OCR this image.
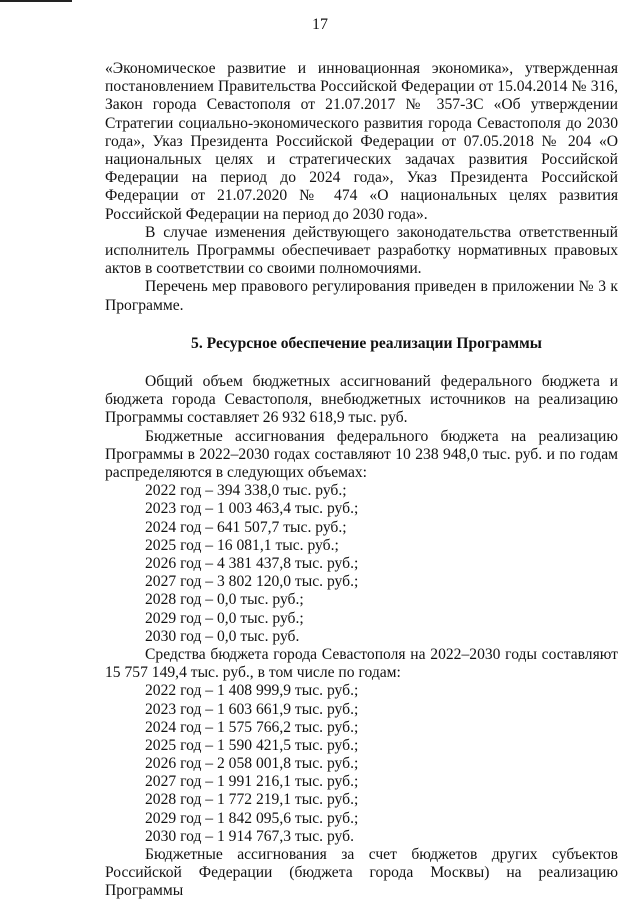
17

«Экономическое развитие и инновационная экономика», утвержденная постановлением Правительства Российской Федерации от 15.04.2014 № 316, Закон города Севастополя от 21.07.2017 № 357-ЗС «Об утверждении Стратегии социально-экономического развития города Севастополя до 2030 года», Указ Президента Российской Федерации от 07.05.2018 № 204 «О национальных целях и стратегических задачах развития Российской Федерации на период до 2024 года», Указ Президента Российской Федерации от 21.07.2020 № 474 «О национальных целях развития Российской Федерации на период до 2030 года».

В случае изменения действующего законодательства ответственный исполнитель Программы обеспечивает разработку нормативных правовых актов в соответствии со своими полномочиями.

Перечень мер правового регулирования приведен в приложении № 3 к Программе.

5. Ресурсное обеспечение реализации Программы

Общий объем бюджетных ассигнований федерального бюджета и бюджета города Севастополя, внебюджетных источников на реализацию Программы составляет 26 932 618,9 тыс. руб.

Бюджетные ассигнования федерального бюджета на реализацию Программы в 2022–2030 годах составляют 10 238 948,0 тыс. руб. и по годам распределяются в следующих объемах:

2022 год – 394 338,0 тыс. руб.;
2023 год – 1 003 463,4 тыс. руб.;
2024 год – 641 507,7 тыс. руб.;
2025 год – 16 081,1 тыс. руб.;
2026 год – 4 381 437,8 тыс. руб.;
2027 год – 3 802 120,0 тыс. руб.;
2028 год – 0,0 тыс. руб.;
2029 год – 0,0 тыс. руб.;
2030 год – 0,0 тыс. руб.

Средства бюджета города Севастополя на 2022–2030 годы составляют 15 757 149,4 тыс. руб., в том числе по годам:

2022 год – 1 408 999,9 тыс. руб.;
2023 год – 1 603 661,9 тыс. руб.;
2024 год – 1 575 766,2 тыс. руб.;
2025 год – 1 590 421,5 тыс. руб.;
2026 год – 2 058 001,8 тыс. руб.;
2027 год – 1 991 216,1 тыс. руб.;
2028 год – 1 772 219,1 тыс. руб.;
2029 год – 1 842 095,6 тыс. руб.;
2030 год – 1 914 767,3 тыс. руб.

Бюджетные ассигнования за счет бюджетов других субъектов Российской Федерации (бюджета города Москвы) на реализацию Программы
